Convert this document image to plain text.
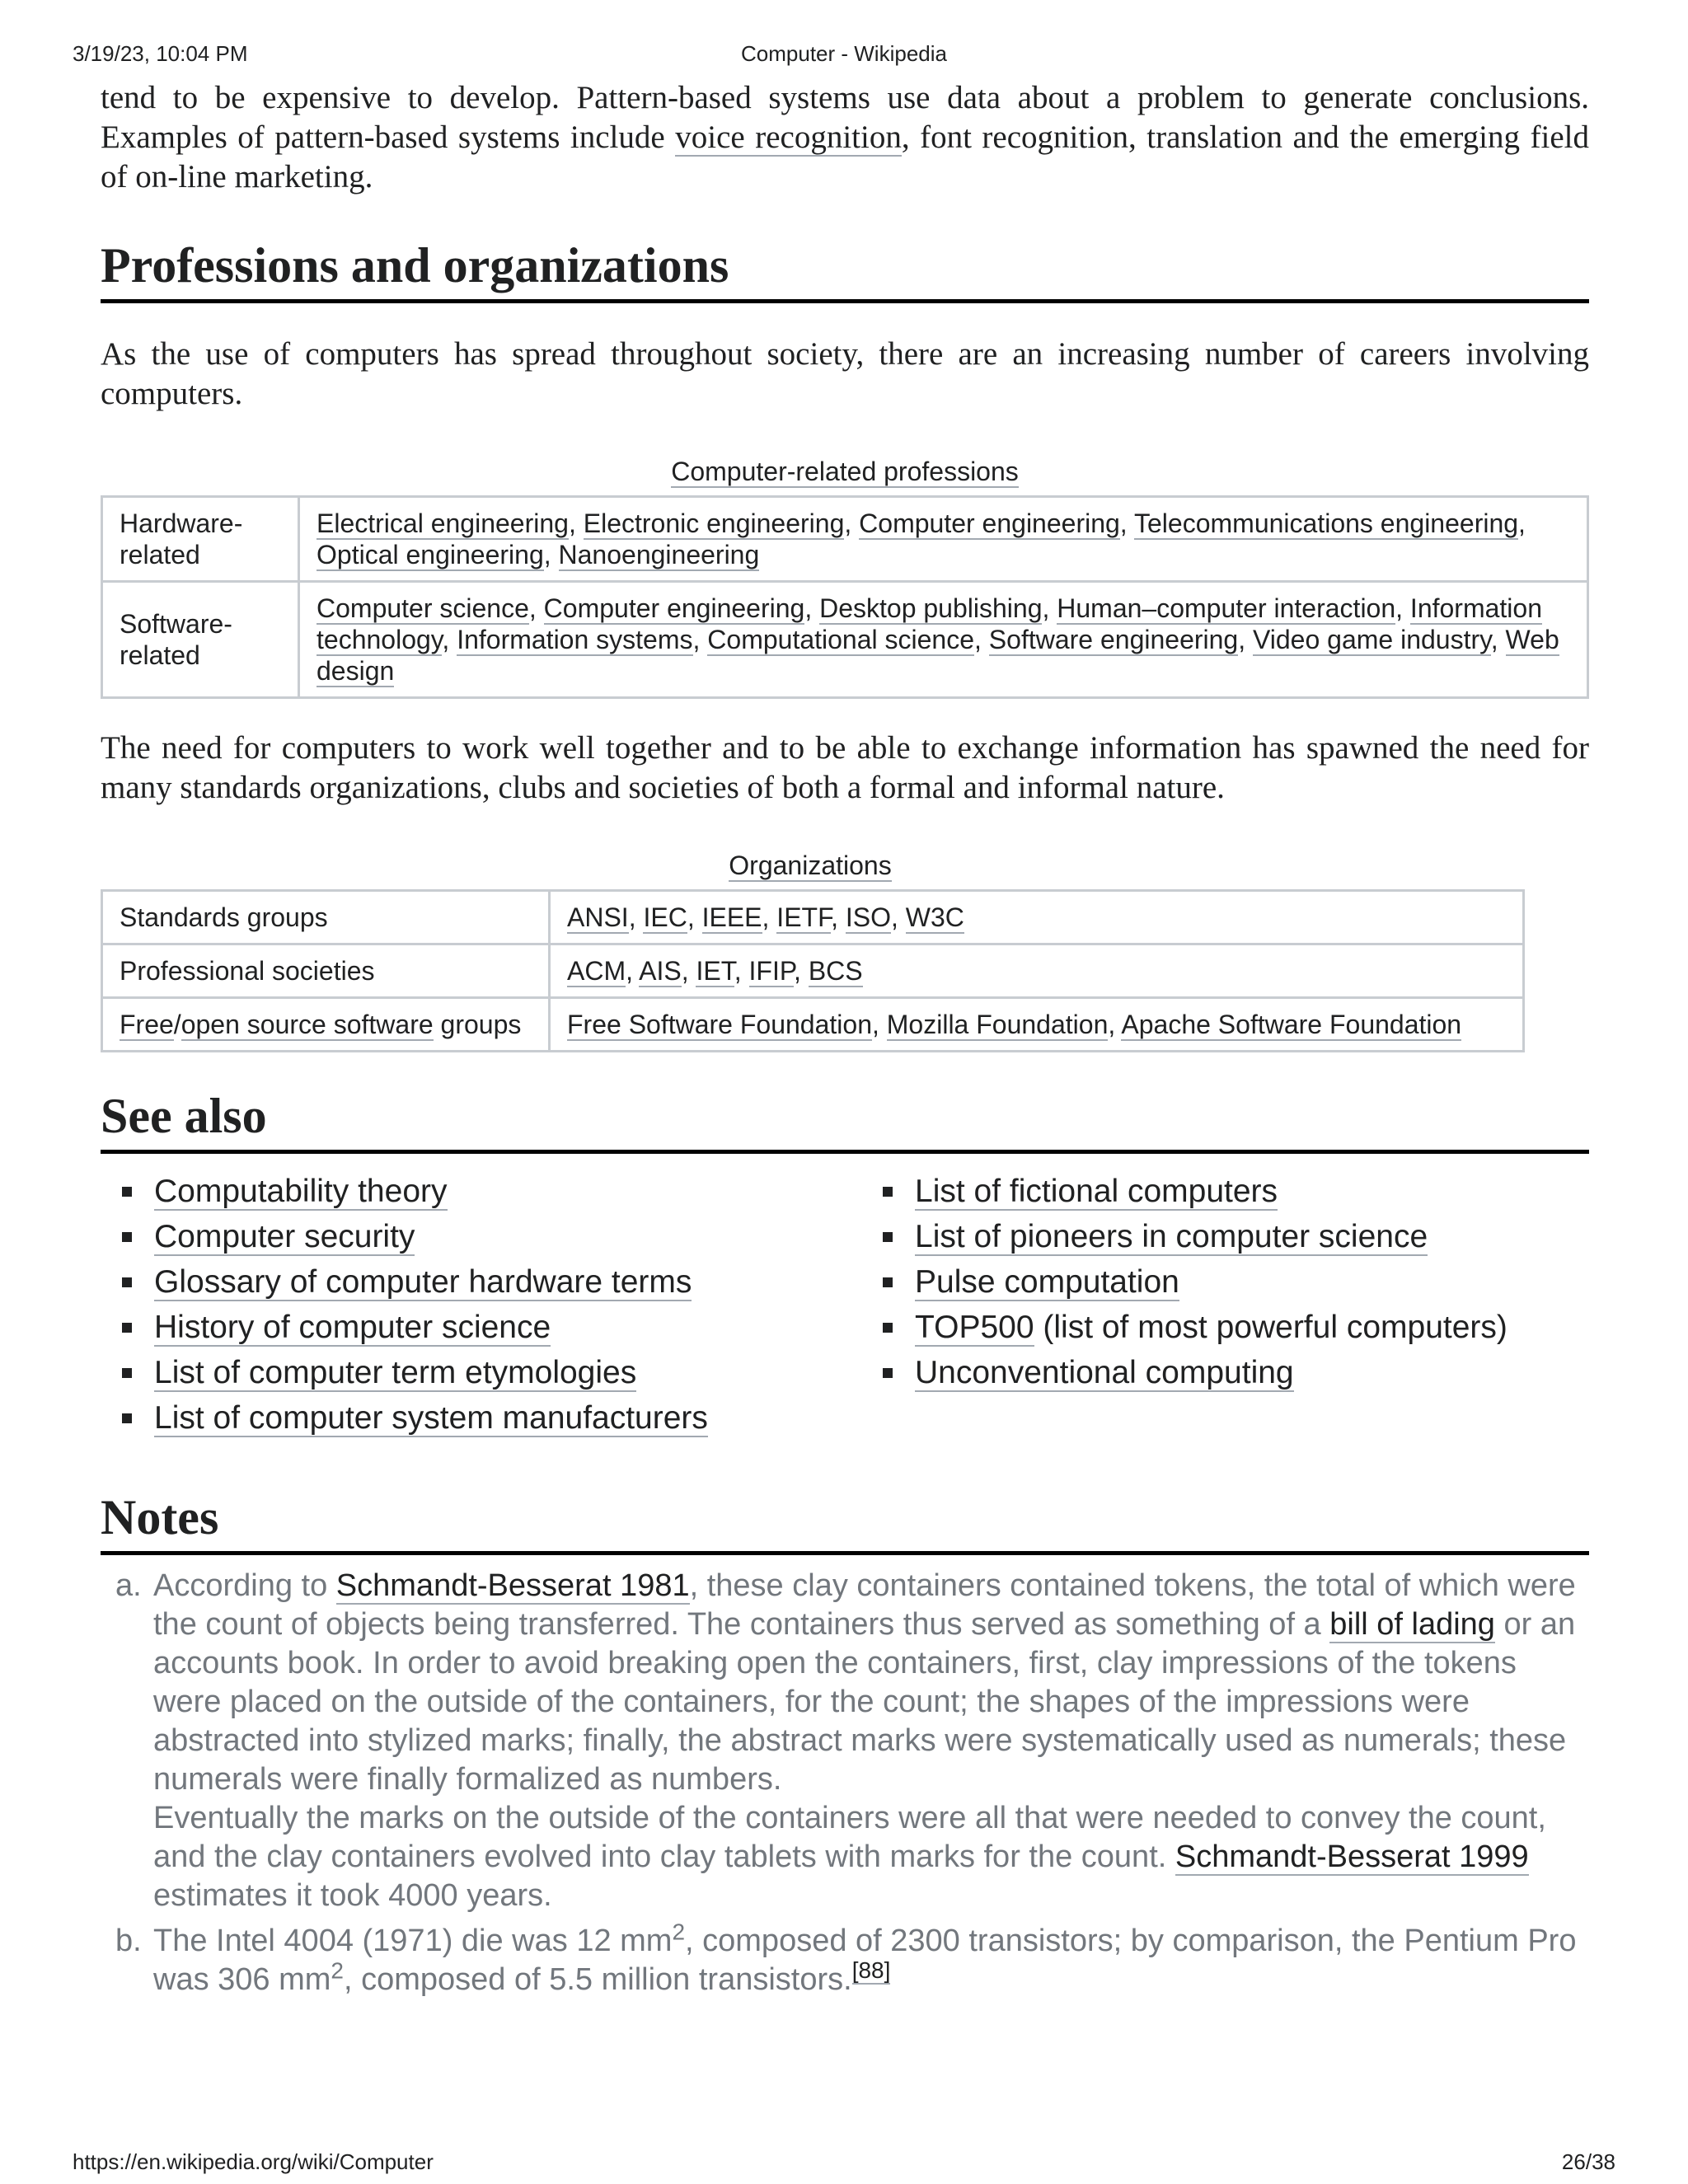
3/19/23, 10:04 PM	Computer - Wikipedia

tend to be expensive to develop. Pattern-based systems use data about a problem to generate conclusions. Examples of pattern-based systems include voice recognition, font recognition, translation and the emerging field of on-line marketing.

Professions and organizations

As the use of computers has spread throughout society, there are an increasing number of careers involving computers.

Computer-related professions
Hardware-related	Electrical engineering, Electronic engineering, Computer engineering, Telecommunications engineering, Optical engineering, Nanoengineering
Software-related	Computer science, Computer engineering, Desktop publishing, Human–computer interaction, Information technology, Information systems, Computational science, Software engineering, Video game industry, Web design

The need for computers to work well together and to be able to exchange information has spawned the need for many standards organizations, clubs and societies of both a formal and informal nature.

Organizations
Standards groups	ANSI, IEC, IEEE, IETF, ISO, W3C
Professional societies	ACM, AIS, IET, IFIP, BCS
Free/open source software groups	Free Software Foundation, Mozilla Foundation, Apache Software Foundation
See also
Computability theory
Computer security
Glossary of computer hardware terms
History of computer science
List of computer term etymologies
List of computer system manufacturers
List of fictional computers
List of pioneers in computer science
Pulse computation
TOP500 (list of most powerful computers)
Unconventional computing
Notes
a. According to Schmandt-Besserat 1981, these clay containers contained tokens, the total of which were the count of objects being transferred. The containers thus served as something of a bill of lading or an accounts book. In order to avoid breaking open the containers, first, clay impressions of the tokens were placed on the outside of the containers, for the count; the shapes of the impressions were abstracted into stylized marks; finally, the abstract marks were systematically used as numerals; these numerals were finally formalized as numbers.
Eventually the marks on the outside of the containers were all that were needed to convey the count, and the clay containers evolved into clay tablets with marks for the count. Schmandt-Besserat 1999 estimates it took 4000 years.
b. The Intel 4004 (1971) die was 12 $mm^2$, composed of 2300 transistors; by comparison, the Pentium Pro was 306 $mm^2$, composed of 5.5 million transistors.[88]
https://en.wikipedia.org/wiki/Computer	26/38
